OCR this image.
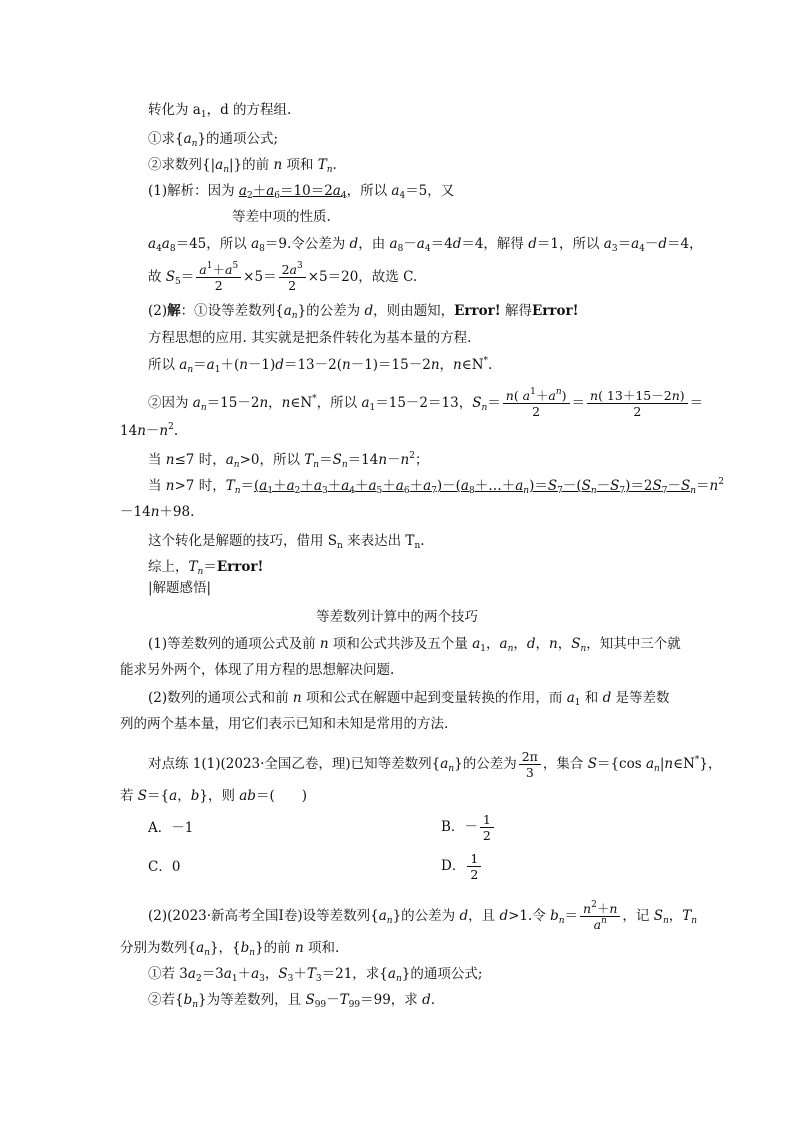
转化为 $a_1$，d 的方程组.
①求$\{a_n\}$的通项公式;
②求数列$\{|a_n|\}$的前 n 项和 $T_n$.
(1)解析：因为 $a_2+a_6=10=2a_4$，所以 $a_4=5$，又
等差中项的性质.
$a_4a_8=45$，所以 $a_8=9$.令公差为 d，由 $a_8-a_4=4d=4$，解得 d＝1，所以 $a_3=a_4-d=4$，
故 $S_5= \frac{a^1+a^5}{2} \times 5= \frac{2a^3}{2} \times 5=20$，故选 C.
(2)解：①设等差数列$\{a_n\}$的公差为 d，则由题知，Error! 解得Error!
方程思想的应用. 其实就是把条件转化为基本量的方程.
所以 $a_n=a_1+(n-1)d=13-2(n-1)=15-2n$，n∈N*.
②因为 $a_n=15-2n$，n∈N*，所以 $a_1=15-2=13$，$S_n= \frac{n( a^1+a^n)}{2} = \frac{n( 13+15-2n)}{2}$ ＝
$14n-n^2$.
当 n≤7 时，$a_n>0$，所以 $T_n=S_n=14n-n^2$；
当 n>7 时，$T_n=(a_1+a_2+a_3+a_4+a_5+a_6+a_7)-(a_8+\dots+a_n)=S_7-(S_n-S_7)=2S_7-S_n=n^2$
－14n＋98.
这个转化是解题的技巧，借用 $S_n$ 来表达出 $T_n$.
综上，$T_n=Error$!
|解题感悟|
等差数列计算中的两个技巧
(1)等差数列的通项公式及前 n 项和公式共涉及五个量 $a_1$，$a_n$，d，n，$S_n$，知其中三个就
能求另外两个，体现了用方程的思想解决问题.
(2)数列的通项公式和前 n 项和公式在解题中起到变量转换的作用，而 $a_1$ 和 d 是等差数
列的两个基本量，用它们表示已知和未知是常用的方法.
对点练 1(1)(2023·全国乙卷，理)已知等差数列$\{a_n\}$的公差为 $\frac{2\pi}{3}$ ，集合 S＝{cos $a_n|n\in N^*$}，
若 S＝{a，b}，则 ab＝(　　)
A．－1	B．－ $\frac{1}{2}$
C．0	D． $\frac{1}{2}$
(2)(2023·新高考全国Ⅰ卷)设等差数列$\{a_n\}$的公差为 d，且 d>1.令 $b_n= \frac{n^2+n}{a^n}$ ，记 $S_n$，$T_n$
分别为数列$\{a_n\}$，$\{b_n\}$的前 n 项和.
①若 $3a_2=3a_1+a_3$，$S_3+T_3=21$，求$\{a_n\}$的通项公式;
②若$\{b_n\}$为等差数列，且 $S_{99}-T_{99}=99$，求 d.
